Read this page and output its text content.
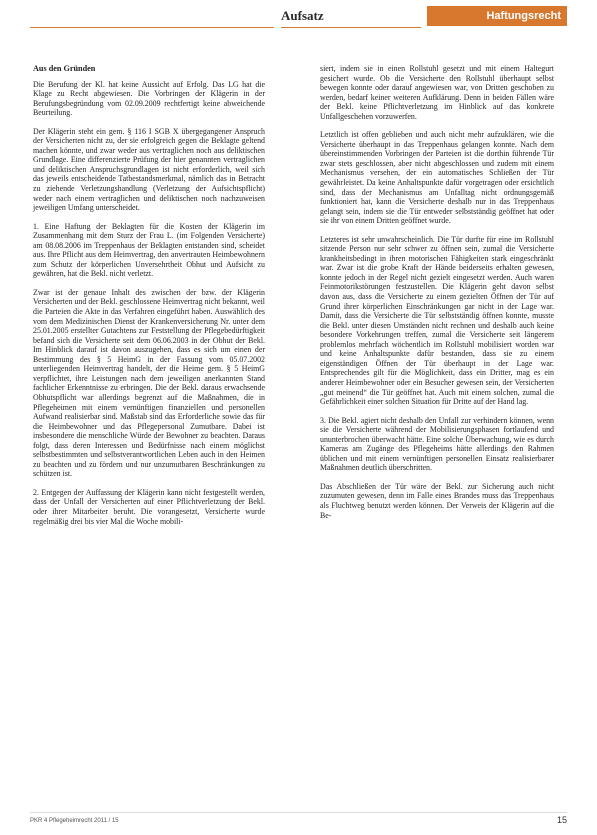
Aufsatz	Haftungsrecht
Aus den Gründen

Die Berufung der Kl. hat keine Aussicht auf Erfolg. Das LG hat die Klage zu Recht abgewiesen. Die Vorbringen der Klägerin in der Berufungsbegründung vom 02.09.2009 rechtfertigt keine abweichende Beurteilung.

Der Klägerin steht ein gem. § 116 I SGB X übergegangener Anspruch der Versicherten nicht zu, der sie erfolgreich gegen die Beklagte geltend machen könnte, und zwar weder aus vertraglichen noch aus deliktischen Grundlage. Eine differenzierte Prüfung der hier genannten vertraglichen und deliktischen Anspruchsgrundlagen ist nicht erforderlich, weil sich das jeweils entscheidende Tatbestandsmerkmal, nämlich das in Betracht zu ziehende Verletzungshandlung (Verletzung der Aufsichtspflicht) weder nach einem vertraglichen und deliktischen noch nachzuweisen jeweiligen Umfang unterscheidet.

1. Eine Haftung der Beklagten für die Kosten der Klägerin im Zusammenhang mit dem Sturz der Frau L. (im Folgenden Versicherte) am 08.08.2006 im Treppenhaus der Beklagten entstanden sind, scheidet aus. Ihre Pflicht aus dem Heimvertrag, den anvertrauten Heimbewohnern zum Schutz der körperlichen Unversehrtheit Obhut und Aufsicht zu gewähren, hat die Bekl. nicht verletzt.

Zwar ist der genaue Inhalt des zwischen der bzw. der Klägerin Versicherten und der Bekl. geschlossene Heimvertrag nicht bekannt, weil die Parteien die Akte in das Verfahren eingeführt haben. Auswählich des vom dem Medizinischen Dienst der Krankenversicherung Nr. unter dem 25.01.2005 erstellter Gutachtens zur Feststellung der Pflegebedürftigkeit befand sich die Versicherte seit dem 06.06.2003 in der Obhut der Bekl. Im Hinblick darauf ist davon auszugehen, dass es sich um einen der Bestimmung des § 5 HeimG in der Fassung vom 05.07.2002 unterliegenden Heimvertrag handelt, der die Heime gem. § 5 HeimG verpflichtet, ihre Leistungen nach dem jeweiligen anerkannten Stand fachlicher Erkenntnisse zu erbringen. Die der Bekl. daraus erwachsende Obhutspflicht war allerdings begrenzt auf die Maßnahmen, die in Pflegeheimen mit einem vernünftigen finanziellen und personellen Aufwand realisierbar sind. Maßstab sind das Erforderliche sowie das für die Heimbewohner und das Pflegepersonal Zumutbare. Dabei ist insbesondere die menschliche Würde der Bewohner zu beachten. Daraus folgt, dass deren Interessen und Bedürfnisse nach einem möglichst selbstbestimmten und selbstverantwortlichen Leben auch in den Heimen zu beachten und zu fördern und nur unzumutbaren Beschränkungen zu schützen ist.

2. Entgegen der Auffassung der Klägerin kann nicht festgestellt werden, dass der Unfall der Versicherten auf einer Pflichtverletzung der Bekl. oder ihrer Mitarbeiter beruht. Die vorangesetzt, Versicherte wurde regelmäßig drei bis vier Mal die Woche mobili-

siert, indem sie in einen Rollstuhl gesetzt und mit einem Haltegurt gesichert wurde. Ob die Versicherte den Rollstuhl überhaupt selbst bewegen konnte oder darauf angewiesen war, von Dritten geschoben zu werden, bedarf keiner weiteren Aufklärung. Denn in beiden Fällen wäre der Bekl. keine Pflichtverletzung im Hinblick auf das konkrete Unfallgeschehen vorzuwerfen.

Letztlich ist offen geblieben und auch nicht mehr aufzuklären, wie die Versicherte überhaupt in das Treppenhaus gelangen konnte. Nach dem übereinstimmenden Vorbringen der Parteien ist die dorthin führende Tür zwar stets geschlossen, aber nicht abgeschlossen und zudem mit einem Mechanismus versehen, der ein automatisches Schließen der Tür gewährleistet. Da keine Anhaltspunkte dafür vorgetragen oder ersichtlich sind, dass der Mechanismus am Unfalltag nicht ordnungsgemäß funktioniert hat, kann die Versicherte deshalb nur in das Treppenhaus gelangt sein, indem sie die Tür entweder selbstständig geöffnet hat oder sie ihr von einem Dritten geöffnet wurde.

Letzteres ist sehr unwahrscheinlich. Die Tür durfte für eine im Rollstuhl sitzende Person nur sehr schwer zu öffnen sein, zumal die Versicherte krankheitsbedingt in ihren motorischen Fähigkeiten stark eingeschränkt war. Zwar ist die grobe Kraft der Hände beiderseits erhalten gewesen, konnte jedoch in der Regel nicht gezielt eingesetzt werden. Auch waren Feinmotorikstörungen festzustellen. Die Klägerin geht davon selbst davon aus, dass die Versicherte zu einem gezielten Öffnen der Tür auf Grund ihrer körperlichen Einschränkungen gar nicht in der Lage war. Damit, dass die Versicherte die Tür selbstständig öffnen konnte, musste die Bekl. unter diesen Umständen nicht rechnen und deshalb auch keine besondere Vorkehrungen treffen, zumal die Versicherte seit längerem problemlos mehrfach wöchentlich im Rollstuhl mobilisiert worden war und keine Anhaltspunkte dafür bestanden, dass sie zu einem eigenständigen Öffnen der Tür überhaupt in der Lage war. Entsprechendes gilt für die Möglichkeit, dass ein Dritter, mag es ein anderer Heimbewohner oder ein Besucher gewesen sein, der Versicherten „gut meinend“ die Tür geöffnet hat. Auch mit einem solchen, zumal die Gefährlichkeit einer solchen Situation für Dritte auf der Hand lag.

3. Die Bekl. agiert nicht deshalb den Unfall zur verhindern können, wenn sie die Versicherte während der Mobilisierungsphasen fortlaufend und ununterbrochen überwacht hätte. Eine solche Überwachung, wie es durch Kameras am Zugänge des Pflegeheims hätte allerdings den Rahmen üblichen und mit einem vernünftigen personellen Einsatz realisierbarer Maßnahmen deutlich überschritten.

Das Abschließen der Tür wäre der Bekl. zur Sicherung auch nicht zuzumuten gewesen, denn im Falle eines Brandes muss das Treppenhaus als Fluchtweg benutzt werden können. Der Verweis der Klägerin auf die Be-

PKR 4 Pflegeheimrecht 2011 / 15	15
